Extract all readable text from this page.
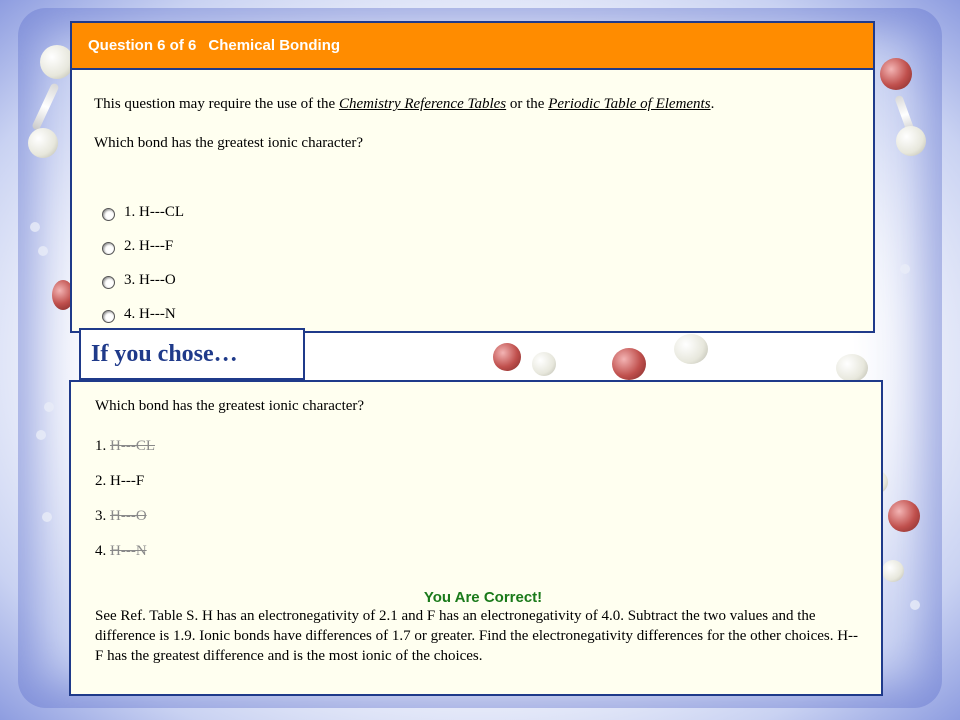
Question 6 of 6 Chemical Bonding

This question may require the use of the Chemistry Reference Tables or the Periodic Table of Elements.

Which bond has the greatest ionic character?

1. H---CL
2. H---F
3. H---O
4. H---N
If you chose…

Which bond has the greatest ionic character?

1. H---CL
2. H---F
3. H---O
4. H---N
You Are Correct!

See Ref. Table S. H has an electronegativity of 2.1 and F has an electronegativity of 4.0. Subtract the two values and the difference is 1.9. Ionic bonds have differences of 1.7 or greater. Find the electronegativity differences for the other choices. H--F has the greatest difference and is the most ionic of the choices.
